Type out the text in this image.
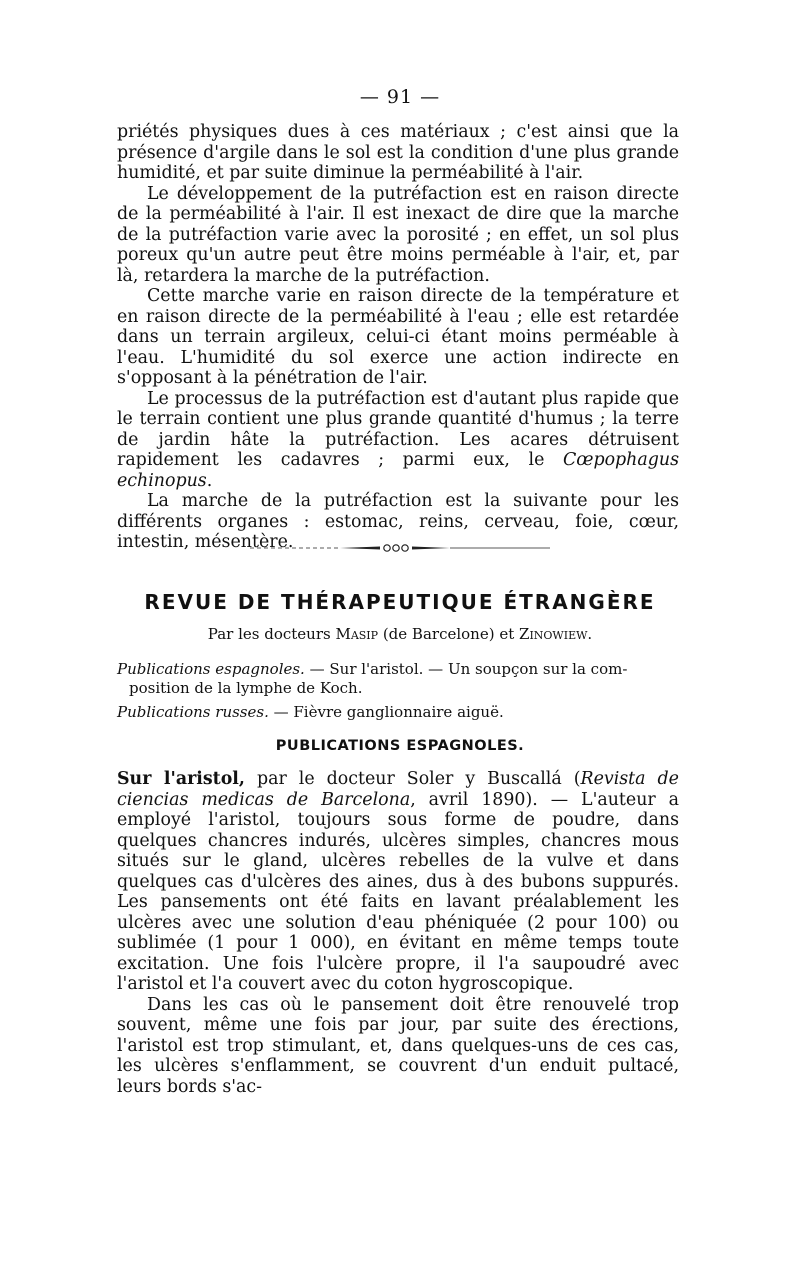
— 91 —

priétés physiques dues à ces matériaux ; c'est ainsi que la présence d'argile dans le sol est la condition d'une plus grande humidité, et par suite diminue la perméabilité à l'air.

Le développement de la putréfaction est en raison directe de la perméabilité à l'air. Il est inexact de dire que la marche de la putréfaction varie avec la porosité ; en effet, un sol plus poreux qu'un autre peut être moins perméable à l'air, et, par là, retardera la marche de la putréfaction.

Cette marche varie en raison directe de la température et en raison directe de la perméabilité à l'eau ; elle est retardée dans un terrain argileux, celui-ci étant moins perméable à l'eau. L'humidité du sol exerce une action indirecte en s'opposant à la pénétration de l'air.

Le processus de la putréfaction est d'autant plus rapide que le terrain contient une plus grande quantité d'humus ; la terre de jardin hâte la putréfaction. Les acares détruisent rapidement les cadavres ; parmi eux, le Cœpophagus echinopus.

La marche de la putréfaction est la suivante pour les différents organes : estomac, reins, cerveau, foie, cœur, intestin, mésentère.

REVUE DE THÉRAPEUTIQUE ÉTRANGÈRE
Par les docteurs Masip (de Barcelone) et Zinowiew.
Publications espagnoles. — Sur l'aristol. — Un soupçon sur la com-
position de la lymphe de Koch.
Publications russes. — Fièvre ganglionnaire aiguë.
PUBLICATIONS ESPAGNOLES.

Sur l'aristol, par le docteur Soler y Buscallá (Revista de ciencias medicas de Barcelona, avril 1890). — L'auteur a employé l'aristol, toujours sous forme de poudre, dans quelques chancres indurés, ulcères simples, chancres mous situés sur le gland, ulcères rebelles de la vulve et dans quelques cas d'ulcères des aines, dus à des bubons suppurés. Les pansements ont été faits en lavant préalablement les ulcères avec une solution d'eau phéniquée (2 pour 100) ou sublimée (1 pour 1 000), en évitant en même temps toute excitation. Une fois l'ulcère propre, il l'a saupoudré avec l'aristol et l'a couvert avec du coton hygroscopique.

Dans les cas où le pansement doit être renouvelé trop souvent, même une fois par jour, par suite des érections, l'aristol est trop stimulant, et, dans quelques-uns de ces cas, les ulcères s'enflamment, se couvrent d'un enduit pultacé, leurs bords s'ac-
